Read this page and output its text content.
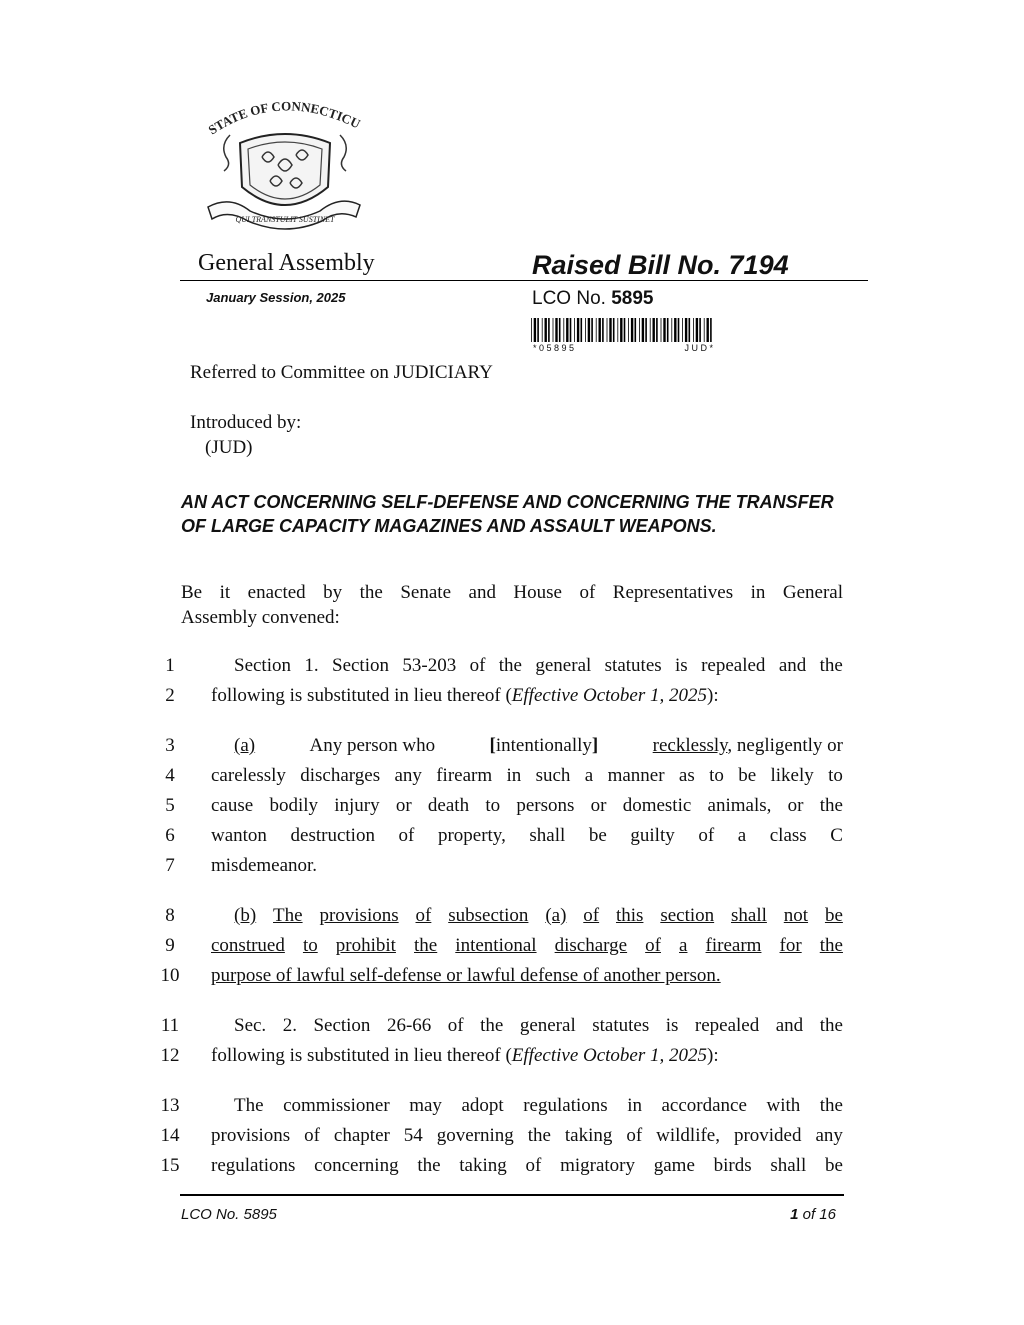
STATE OF CONNECTICU
QUI TRANSTULIT SUSTINET
General Assembly
January Session, 2025
Raised Bill No. 7194
LCO No. 5895
* 0 5 8 9 5	J U D *
Referred to Committee on JUDICIARY
Introduced by:
(JUD)
AN ACT CONCERNING SELF-DEFENSE AND CONCERNING THE TRANSFER OF LARGE CAPACITY MAGAZINES AND ASSAULT WEAPONS.
Be it enacted by the Senate and House of Representatives in General
Assembly convened:
1
2
3
4
5
6
7
8
9
10
11
12
13
14
15
Section 1. Section 53-203 of the general statutes is repealed and the
following is substituted in lieu thereof ( Effective October 1, 2025 ):
(a)	Any person who	[intentionally]	recklessly, negligently or
carelessly discharges any firearm in such a manner as to be likely to
cause bodily injury or death to persons or domestic animals, or the
wanton destruction of property, shall be guilty of a class C
misdemeanor.
(b) The provisions of subsection (a) of this section shall not be
construed to prohibit the intentional discharge of a firearm for the
purpose of lawful self-defense or lawful defense of another person.
Sec. 2. Section 26-66 of the general statutes is repealed and the
following is substituted in lieu thereof ( Effective October 1, 2025 ):
The commissioner may adopt regulations in accordance with the
provisions of chapter 54 governing the taking of wildlife, provided any
regulations concerning the taking of migratory game birds shall be
LCO No. 5895	1 of 16
